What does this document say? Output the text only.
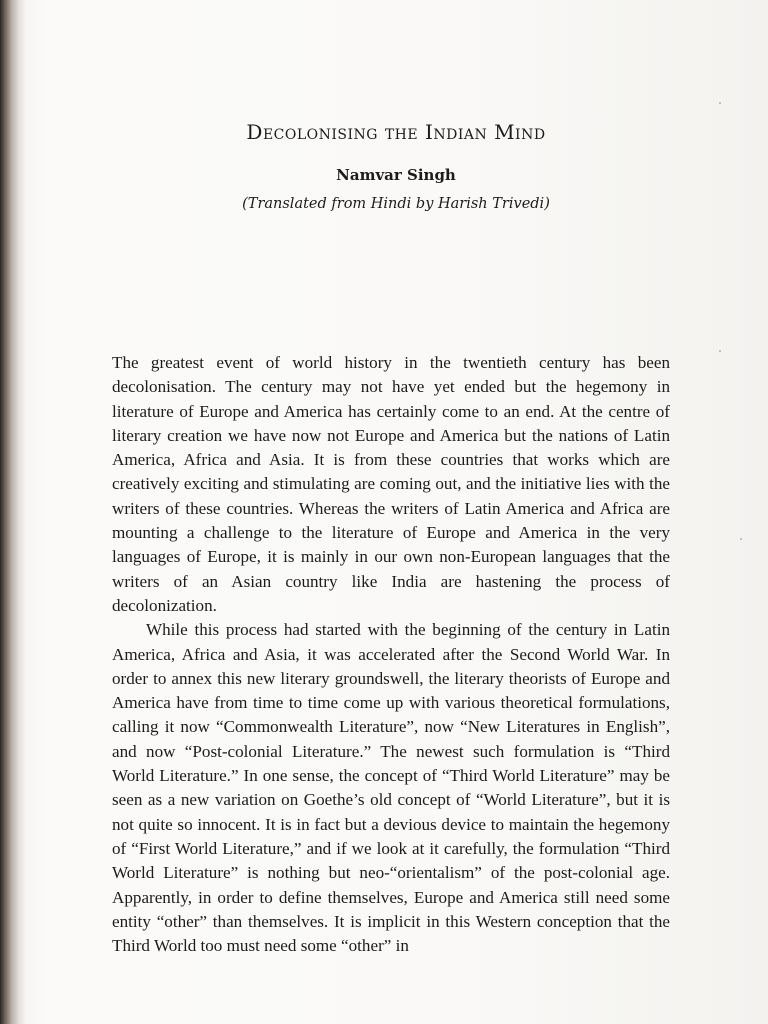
Decolonising the Indian Mind
Namvar Singh
(Translated from Hindi by Harish Trivedi)

The greatest event of world history in the twentieth century has been decolonisation. The century may not have yet ended but the hegemony in literature of Europe and America has certainly come to an end. At the centre of literary creation we have now not Europe and America but the nations of Latin America, Africa and Asia. It is from these countries that works which are creatively exciting and stimulating are coming out, and the initiative lies with the writers of these countries. Whereas the writers of Latin America and Africa are mounting a challenge to the literature of Europe and America in the very languages of Europe, it is mainly in our own non-European languages that the writers of an Asian country like India are hastening the process of decolonization.

While this process had started with the beginning of the century in Latin America, Africa and Asia, it was accelerated after the Second World War. In order to annex this new literary groundswell, the literary theorists of Europe and America have from time to time come up with various theoretical formulations, calling it now “Commonwealth Literature”, now “New Literatures in English”, and now “Post-colonial Literature.” The newest such formulation is “Third World Literature.” In one sense, the concept of “Third World Literature” may be seen as a new variation on Goethe’s old concept of “World Literature”, but it is not quite so innocent. It is in fact but a devious device to maintain the hegemony of “First World Literature,” and if we look at it carefully, the formulation “Third World Literature” is nothing but neo-“orientalism” of the post-colonial age. Apparently, in order to define themselves, Europe and America still need some entity “other” than themselves. It is implicit in this Western conception that the Third World too must need some “other” in
